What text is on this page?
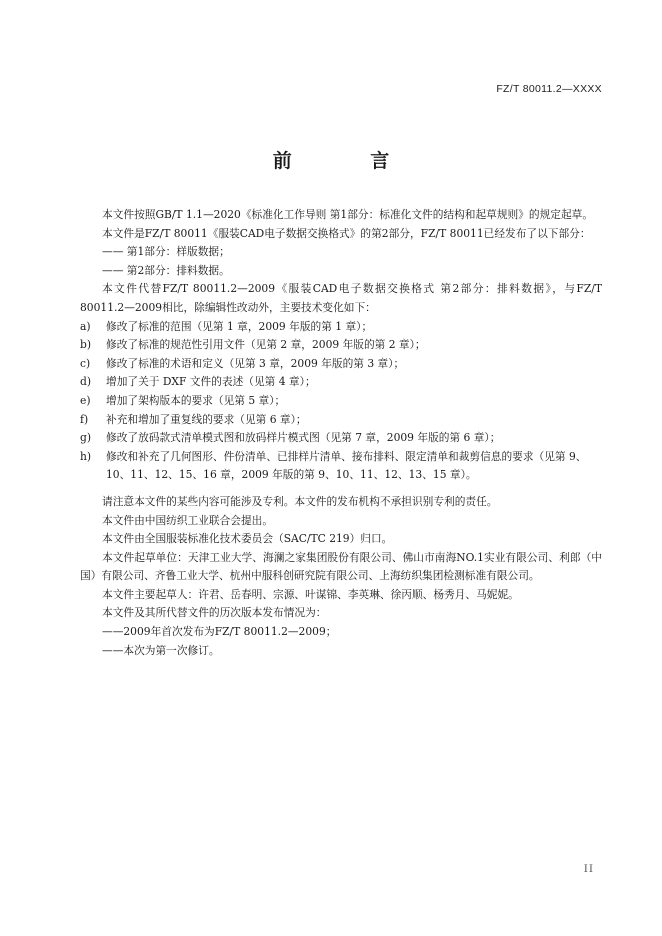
FZ/T 80011.2—XXXX
前 言

本文件按照GB/T 1.1—2020《标准化工作导则 第1部分：标准化文件的结构和起草规则》的规定起草。

本文件是FZ/T 80011《服装CAD电子数据交换格式》的第2部分，FZ/T 80011已经发布了以下部分：

—— 第1部分：样版数据；

—— 第2部分：排料数据。

本文件代替FZ/T 80011.2—2009《服装CAD电子数据交换格式 第2部分：排料数据》，与FZ/T 80011.2—2009相比，除编辑性改动外，主要技术变化如下：

a)	修改了标准的范围（见第 1 章，2009 年版的第 1 章）；
b)	修改了标准的规范性引用文件（见第 2 章，2009 年版的第 2 章）；
c)	修改了标准的术语和定义（见第 3 章，2009 年版的第 3 章）；
d)	增加了关于 DXF 文件的表述（见第 4 章）；
e)	增加了架构版本的要求（见第 5 章）；
f)	补充和增加了重复线的要求（见第 6 章）；
g)	修改了放码款式清单模式图和放码样片模式图（见第 7 章，2009 年版的第 6 章）；
h)	修改和补充了几何图形、件份清单、已排样片清单、接布排料、限定清单和裁剪信息的要求（见第 9、10、11、12、15、16 章，2009 年版的第 9、10、11、12、13、15 章）。

请注意本文件的某些内容可能涉及专利。本文件的发布机构不承担识别专利的责任。

本文件由中国纺织工业联合会提出。

本文件由全国服装标准化技术委员会（SAC/TC 219）归口。

本文件起草单位：天津工业大学、海澜之家集团股份有限公司、佛山市南海NO.1实业有限公司、利郎（中国）有限公司、齐鲁工业大学、杭州中服科创研究院有限公司、上海纺织集团检测标准有限公司。

本文件主要起草人：许君、岳春明、宗源、叶谋锦、李英琳、徐丙顺、杨秀月、马妮妮。

本文件及其所代替文件的历次版本发布情况为：

——2009年首次发布为FZ/T 80011.2—2009；

——本次为第一次修订。

II
